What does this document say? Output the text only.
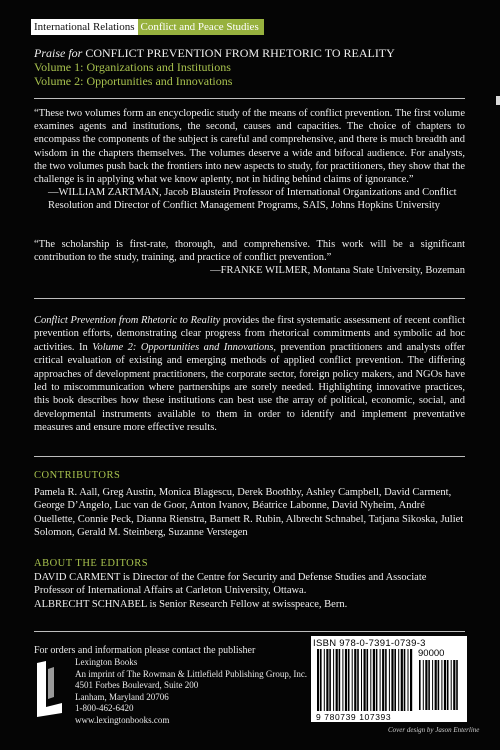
International Relations Conflict and Peace Studies
Praise for CONFLICT PREVENTION FROM RHETORIC TO REALITY
Volume 1: Organizations and Institutions
Volume 2: Opportunities and Innovations

“These two volumes form an encyclopedic study of the means of conflict prevention. The first volume examines agents and institutions, the second, causes and capacities. The choice of chapters to encompass the components of the subject is careful and comprehensive, and there is much breadth and wisdom in the chapters themselves. The volumes deserve a wide and bifocal audience. For analysts, the two volumes push back the frontiers into new aspects to study, for practitioners, they show that the challenge is in applying what we know aplenty, not in hiding behind claims of ignorance.”

—WILLIAM ZARTMAN, Jacob Blaustein Professor of International Organizations and Conflict Resolution and Director of Conflict Management Programs, SAIS, Johns Hopkins University

“The scholarship is first-rate, thorough, and comprehensive. This work will be a significant contribution to the study, training, and practice of conflict prevention.”

—FRANKE WILMER, Montana State University, Bozeman

Conflict Prevention from Rhetoric to Reality provides the first systematic assessment of recent conflict prevention efforts, demonstrating clear progress from rhetorical commitments and symbolic ad hoc activities. In Volume 2: Opportunities and Innovations, prevention practitioners and analysts offer critical evaluation of existing and emerging methods of applied conflict prevention. The differing approaches of development practitioners, the corporate sector, foreign policy makers, and NGOs have led to miscommunication where partnerships are sorely needed. Highlighting innovative practices, this book describes how these institutions can best use the array of political, economic, social, and developmental instruments available to them in order to identify and implement preventative measures and ensure more effective results.
CONTRIBUTORS
Pamela R. Aall, Greg Austin, Monica Blagescu, Derek Boothby, Ashley Campbell, David Carment, George D’Angelo, Luc van de Goor, Anton Ivanov, Béatrice Labonne, David Nyheim, André Ouellette, Connie Peck, Dianna Rienstra, Barnett R. Rubin, Albrecht Schnabel, Tatjana Sikoska, Juliet Solomon, Gerald M. Steinberg, Suzanne Verstegen
ABOUT THE EDITORS
DAVID CARMENT is Director of the Centre for Security and Defense Studies and Associate Professor of International Affairs at Carleton University, Ottawa.
ALBRECHT SCHNABEL is Senior Research Fellow at swisspeace, Bern.
For orders and information please contact the publisher
Lexington Books
An imprint of The Rowman & Littlefield Publishing Group, Inc.
4501 Forbes Boulevard, Suite 200
Lanham, Maryland 20706
1-800-462-6420
www.lexingtonbooks.com
ISBN 978-0-7391-0739-3
90000
9 780739 107393
Cover design by Jason Enterline
